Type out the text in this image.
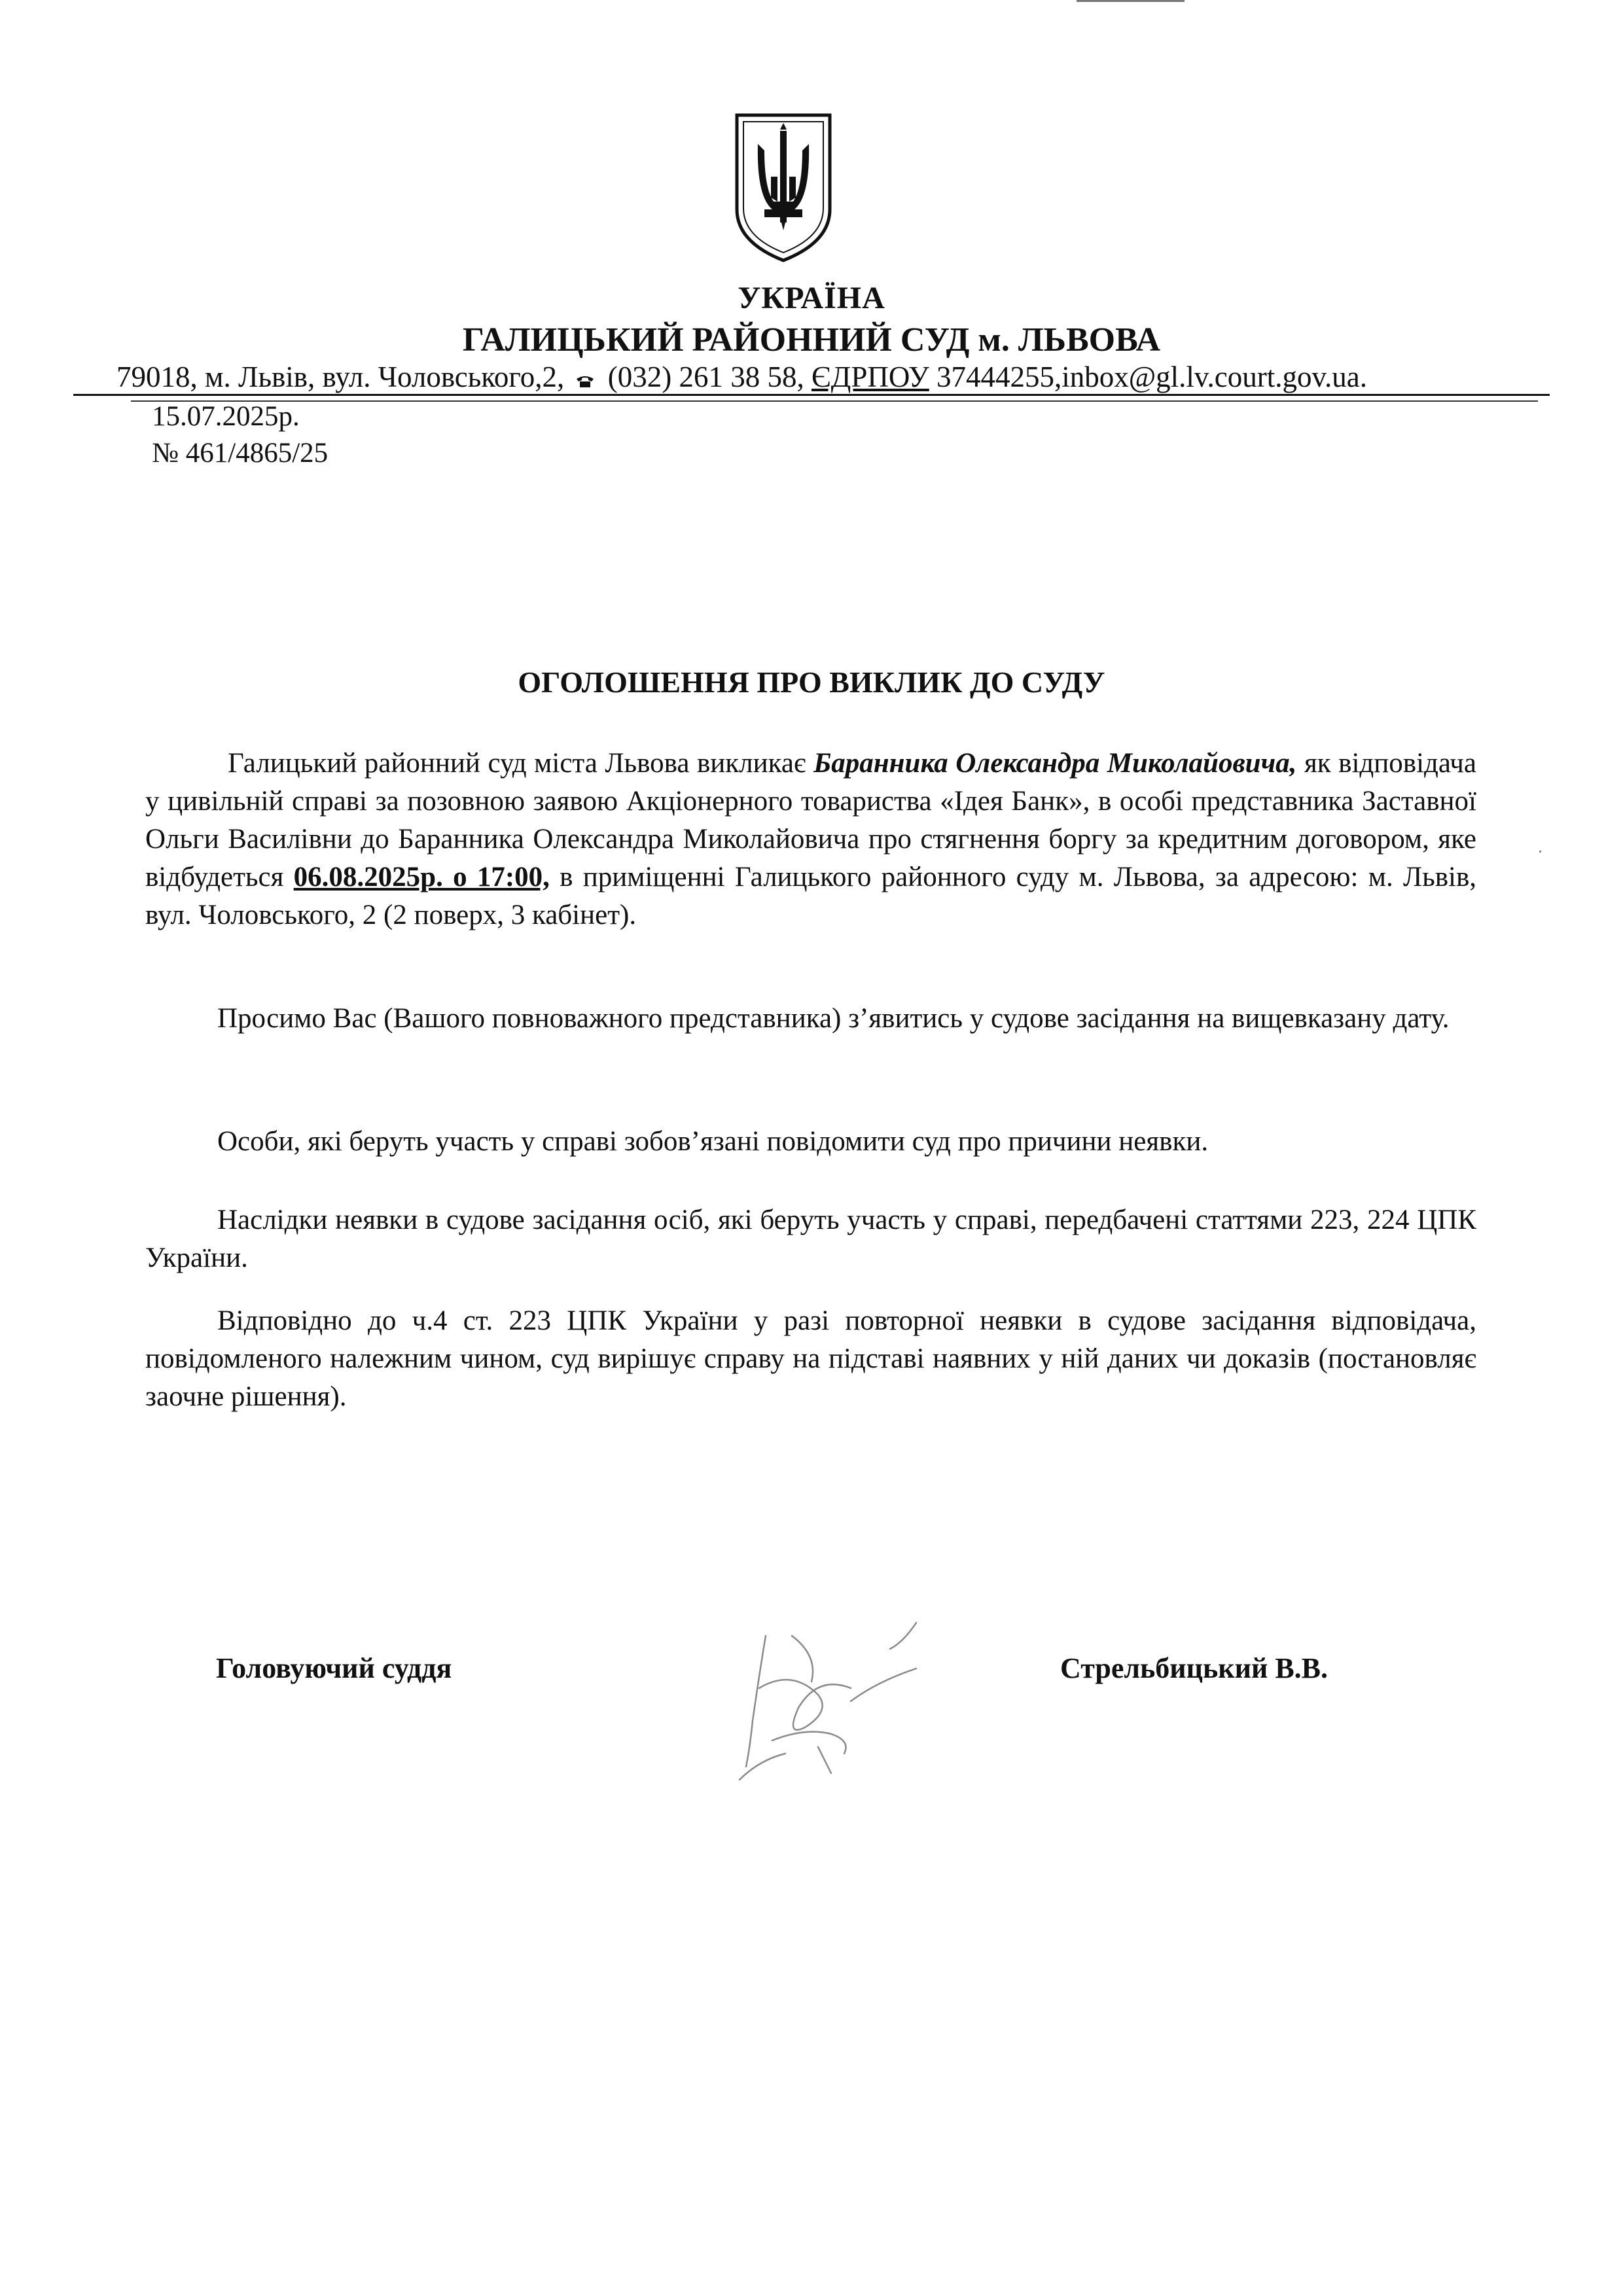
УКРАЇНА
ГАЛИЦЬКИЙ РАЙОННИЙ СУД м. ЛЬВОВА
79018, м. Львів, вул. Чоловського,2, (032) 261 38 58, ЄДРПОУ 37444255,inbox@gl.lv.court.gov.ua.
15.07.2025р.
№ 461/4865/25
ОГОЛОШЕННЯ ПРО ВИКЛИК ДО СУДУ
Галицький районний суд міста Львова викликає Баранника Олександра Миколайовича, як відповідача у цивільній справі за позовною заявою Акціонерного товариства «Ідея Банк», в особі представника Заставної Ольги Василівни до Баранника Олександра Миколайовича про стягнення боргу за кредитним договором, яке відбудеться 06.08.2025р. о 17:00, в приміщенні Галицького районного суду м. Львова, за адресою: м. Львів, вул. Чоловського, 2 (2 поверх, 3 кабінет).
Просимо Вас (Вашого повноважного представника) з’явитись у судове засідання на вищевказану дату.
Особи, які беруть участь у справі зобов’язані повідомити суд про причини неявки.
Наслідки неявки в судове засідання осіб, які беруть участь у справі, передбачені статтями 223, 224 ЦПК України.
Відповідно до ч.4 ст. 223 ЦПК України у разі повторної неявки в судове засідання відповідача, повідомленого належним чином, суд вирішує справу на підставі наявних у ній даних чи доказів (постановляє заочне рішення).
Головуючий суддя	Стрельбицький В.В.
